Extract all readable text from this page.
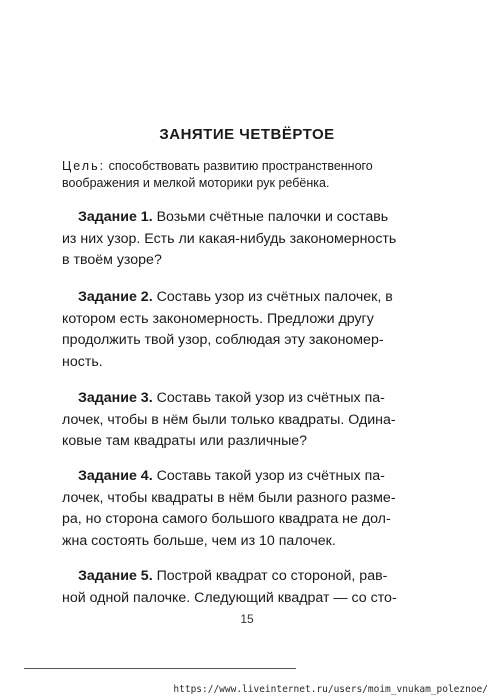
ЗАНЯТИЕ ЧЕТВЁРТОЕ
Цель: способствовать развитию пространственного
воображения и мелкой моторики рук ребёнка.
Задание 1. Возьми счётные палочки и составь
из них узор. Есть ли какая-нибудь закономерность
в твоём узоре?
Задание 2. Составь узор из счётных палочек, в
котором есть закономерность. Предложи другу
продолжить твой узор, соблюдая эту закономер-
ность.
Задание 3. Составь такой узор из счётных па-
лочек, чтобы в нём были только квадраты. Одина-
ковые там квадраты или различные?
Задание 4. Составь такой узор из счётных па-
лочек, чтобы квадраты в нём были разного разме-
ра, но сторона самого большого квадрата не дол-
жна состоять больше, чем из 10 палочек.
Задание 5. Построй квадрат со стороной, рав-
ной одной палочке. Следующий квадрат — со сто-
15
https://www.liveinternet.ru/users/moim_vnukam_poleznoe/
